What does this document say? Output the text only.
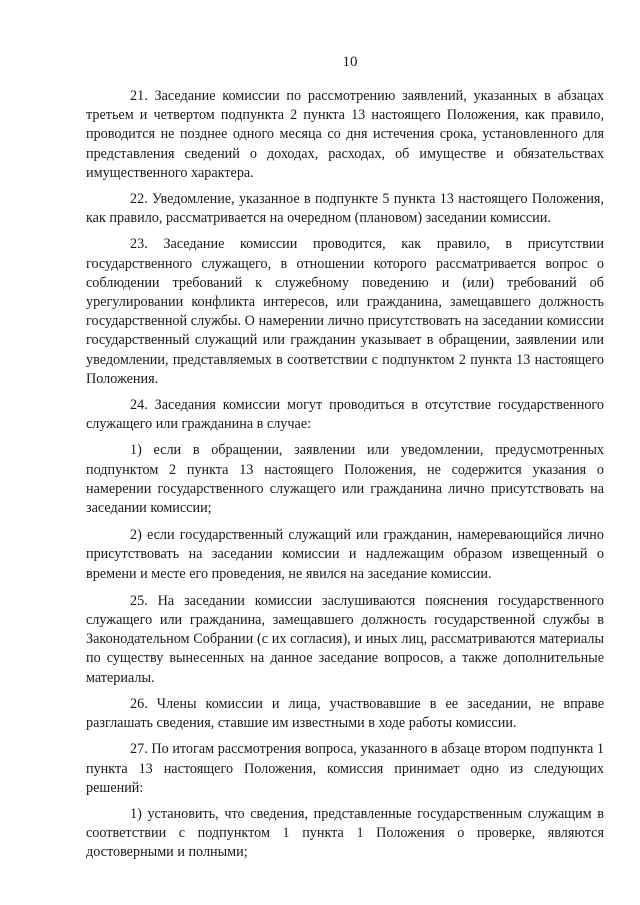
10

21. Заседание комиссии по рассмотрению заявлений, указанных в абзацах третьем и четвертом подпункта 2 пункта 13 настоящего Положения, как правило, проводится не позднее одного месяца со дня истечения срока, установленного для представления сведений о доходах, расходах, об имуществе и обязательствах имущественного характера.

22. Уведомление, указанное в подпункте 5 пункта 13 настоящего Положения, как правило, рассматривается на очередном (плановом) заседании комиссии.

23. Заседание комиссии проводится, как правило, в присутствии государственного служащего, в отношении которого рассматривается вопрос о соблюдении требований к служебному поведению и (или) требований об урегулировании конфликта интересов, или гражданина, замещавшего должность государственной службы. О намерении лично присутствовать на заседании комиссии государственный служащий или гражданин указывает в обращении, заявлении или уведомлении, представляемых в соответствии с подпунктом 2 пункта 13 настоящего Положения.

24. Заседания комиссии могут проводиться в отсутствие государственного служащего или гражданина в случае:

1) если в обращении, заявлении или уведомлении, предусмотренных подпунктом 2 пункта 13 настоящего Положения, не содержится указания о намерении государственного служащего или гражданина лично присутствовать на заседании комиссии;

2) если государственный служащий или гражданин, намеревающийся лично присутствовать на заседании комиссии и надлежащим образом извещенный о времени и месте его проведения, не явился на заседание комиссии.

25. На заседании комиссии заслушиваются пояснения государственного служащего или гражданина, замещавшего должность государственной службы в Законодательном Собрании (с их согласия), и иных лиц, рассматриваются материалы по существу вынесенных на данное заседание вопросов, а также дополнительные материалы.

26. Члены комиссии и лица, участвовавшие в ее заседании, не вправе разглашать сведения, ставшие им известными в ходе работы комиссии.

27. По итогам рассмотрения вопроса, указанного в абзаце втором подпункта 1 пункта 13 настоящего Положения, комиссия принимает одно из следующих решений:

1) установить, что сведения, представленные государственным служащим в соответствии с подпунктом 1 пункта 1 Положения о проверке, являются достоверными и полными;
